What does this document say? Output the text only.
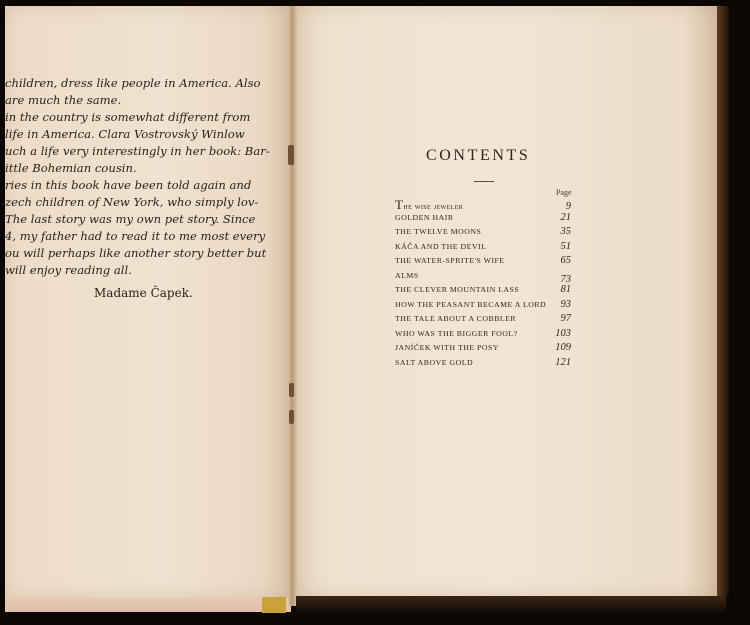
children, dress like people in America. Also
are much the same.
in the country is somewhat different from
life in America. Clara Vostrovský Winlow
uch a life very interestingly in her book: Bar-
ittle Bohemian cousin.
ries in this book have been told again and
zech children of New York, who simply lov-
The last story was my own pet story. Since
4, my father had to read it to me most every
ou will perhaps like another story better but
will enjoy reading all.
Madame Čapek.
CONTENTS
Page
The wise jeweler	9
GOLDEN HAIR	21
THE TWELVE MOONS	35
KÁČA AND THE DEVIL	51
THE WATER-SPRITE'S WIFE	65
ALMS	73
THE CLEVER MOUNTAIN LASS	81
HOW THE PEASANT BECAME A LORD 93
THE TALE ABOUT A COBBLER	97
WHO WAS THE BIGGER FOOL?	103
JANÍČEK WITH THE POSY	109
SALT ABOVE GOLD	121
